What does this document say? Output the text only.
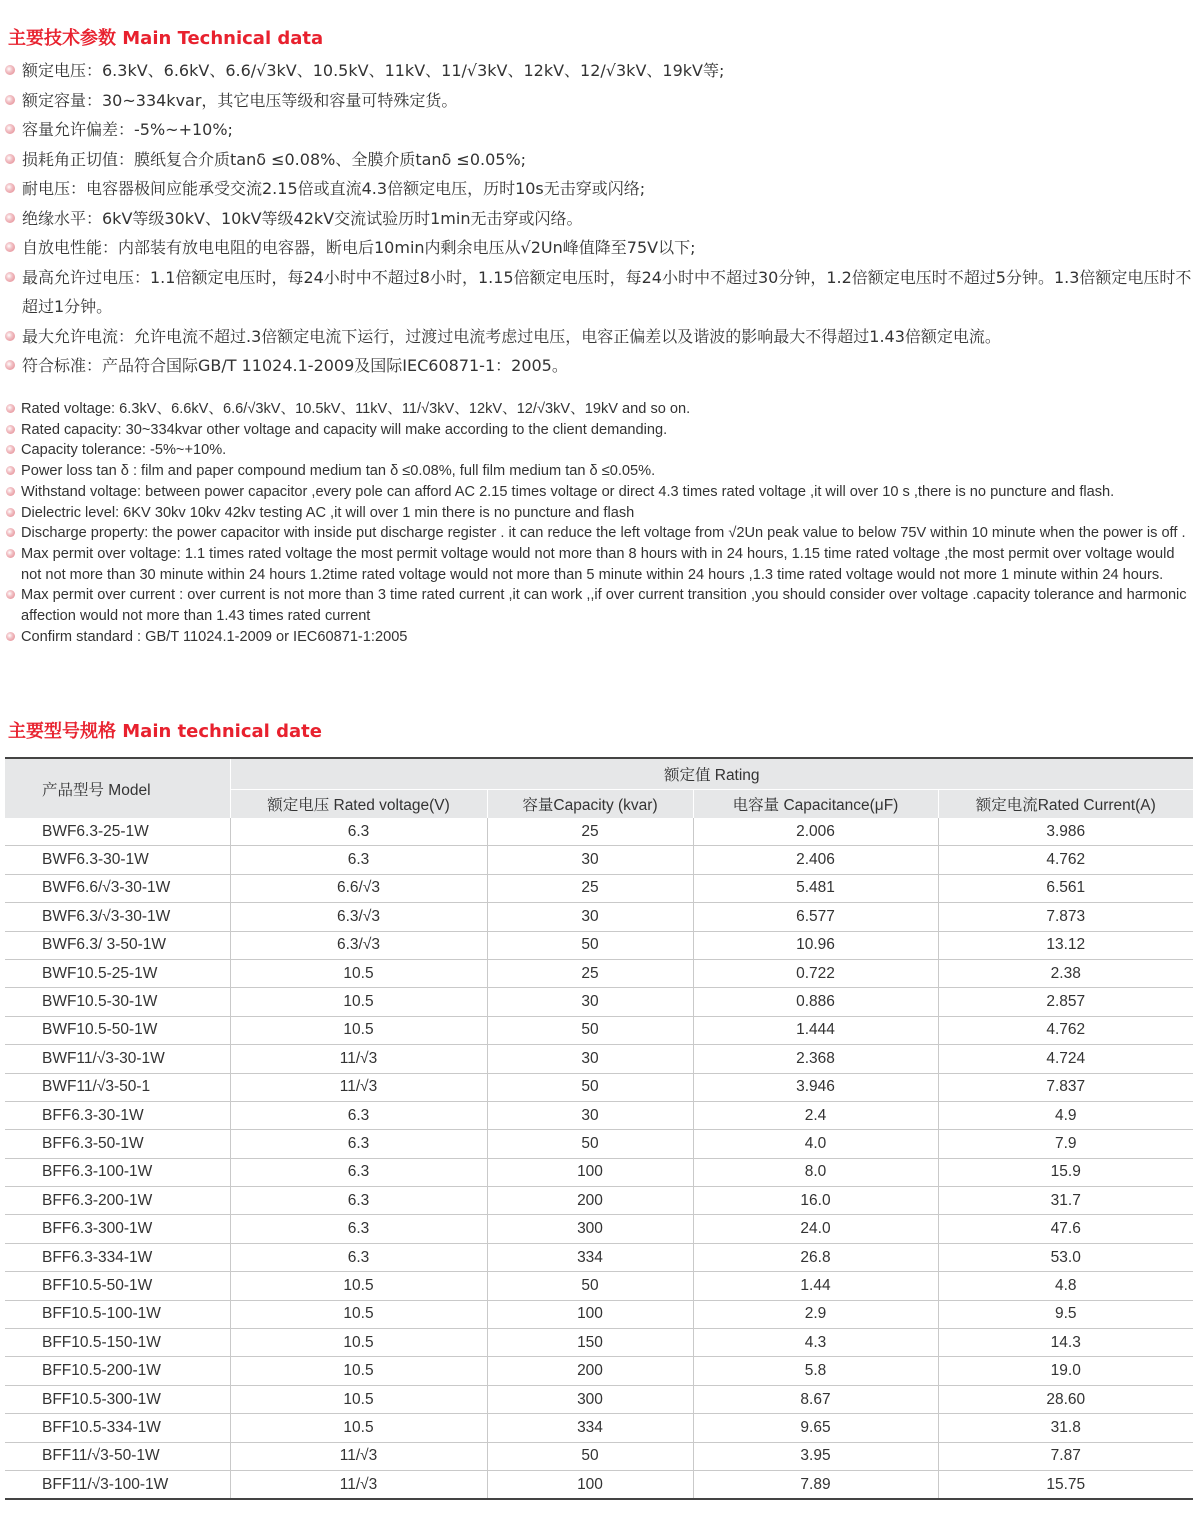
主要技术参数 Main Technical data
额定电压：6.3kV、6.6kV、6.6/√3kV、10.5kV、11kV、11/√3kV、12kV、12/√3kV、19kV等;
额定容量：30~334kvar，其它电压等级和容量可特殊定货。
容量允许偏差：-5%~+10%;
损耗角正切值：膜纸复合介质tanδ ≤0.08%、全膜介质tanδ ≤0.05%;
耐电压：电容器极间应能承受交流2.15倍或直流4.3倍额定电压，历时10s无击穿或闪络;
绝缘水平：6kV等级30kV、10kV等级42kV交流试验历时1min无击穿或闪络。
自放电性能：内部装有放电电阻的电容器，断电后10min内剩余电压从√2Un峰值降至75V以下;
最高允许过电压：1.1倍额定电压时，每24小时中不超过8小时，1.15倍额定电压时，每24小时中不超过30分钟，1.2倍额定电压时不超过5分钟。1.3倍额定电压时不超过1分钟。
最大允许电流：允许电流不超过.3倍额定电流下运行，过渡过电流考虑过电压，电容正偏差以及谐波的影响最大不得超过1.43倍额定电流。
符合标准：产品符合国际GB/T 11024.1-2009及国际IEC60871-1：2005。
Rated voltage: 6.3kV、6.6kV、6.6/√3kV、10.5kV、11kV、11/√3kV、12kV、12/√3kV、19kV and so on.
Rated capacity: 30~334kvar other voltage and capacity will make according to the client demanding.
Capacity tolerance: -5%~+10%.
Power loss tan δ : film and paper compound medium tan δ ≤0.08%, full film medium tan δ ≤0.05%.
Withstand voltage: between power capacitor ,every pole can afford AC 2.15 times voltage or direct 4.3 times rated voltage ,it will over 10 s ,there is no puncture and flash.
Dielectric level: 6KV 30kv 10kv 42kv testing AC ,it will over 1 min there is no puncture and flash
Discharge property: the power capacitor with inside put discharge register . it can reduce the left voltage from √2Un peak value to below 75V within 10 minute when the power is off .
Max permit over voltage: 1.1 times rated voltage the most permit voltage would not more than 8 hours with in 24 hours, 1.15 time rated voltage ,the most permit over voltage would not not more than 30 minute within 24 hours 1.2time rated voltage would not more than 5 minute within 24 hours ,1.3 time rated voltage would not more 1 minute within 24 hours.
Max permit over current : over current is not more than 3 time rated current ,it can work ,,if over current transition ,you should consider over voltage .capacity tolerance and harmonic affection would not more than 1.43 times rated current
Confirm standard : GB/T 11024.1-2009 or IEC60871-1:2005
主要型号规格 Main technical date
产品型号 Model	额定值 Rating			
	额定电压 Rated voltage(V)	容量Capacity (kvar)	电容量 Capacitance(μF)	额定电流Rated Current(A)
BWF6.3-25-1W	6.3	25	2.006	3.986
BWF6.3-30-1W	6.3	30	2.406	4.762
BWF6.6/√3-30-1W	6.6/√3	25	5.481	6.561
BWF6.3/√3-30-1W	6.3/√3	30	6.577	7.873
BWF6.3/ 3-50-1W	6.3/√3	50	10.96	13.12
BWF10.5-25-1W	10.5	25	0.722	2.38
BWF10.5-30-1W	10.5	30	0.886	2.857
BWF10.5-50-1W	10.5	50	1.444	4.762
BWF11/√3-30-1W	11/√3	30	2.368	4.724
BWF11/√3-50-1	11/√3	50	3.946	7.837
BFF6.3-30-1W	6.3	30	2.4	4.9
BFF6.3-50-1W	6.3	50	4.0	7.9
BFF6.3-100-1W	6.3	100	8.0	15.9
BFF6.3-200-1W	6.3	200	16.0	31.7
BFF6.3-300-1W	6.3	300	24.0	47.6
BFF6.3-334-1W	6.3	334	26.8	53.0
BFF10.5-50-1W	10.5	50	1.44	4.8
BFF10.5-100-1W	10.5	100	2.9	9.5
BFF10.5-150-1W	10.5	150	4.3	14.3
BFF10.5-200-1W	10.5	200	5.8	19.0
BFF10.5-300-1W	10.5	300	8.67	28.60
BFF10.5-334-1W	10.5	334	9.65	31.8
BFF11/√3-50-1W	11/√3	50	3.95	7.87
BFF11/√3-100-1W	11/√3	100	7.89	15.75
